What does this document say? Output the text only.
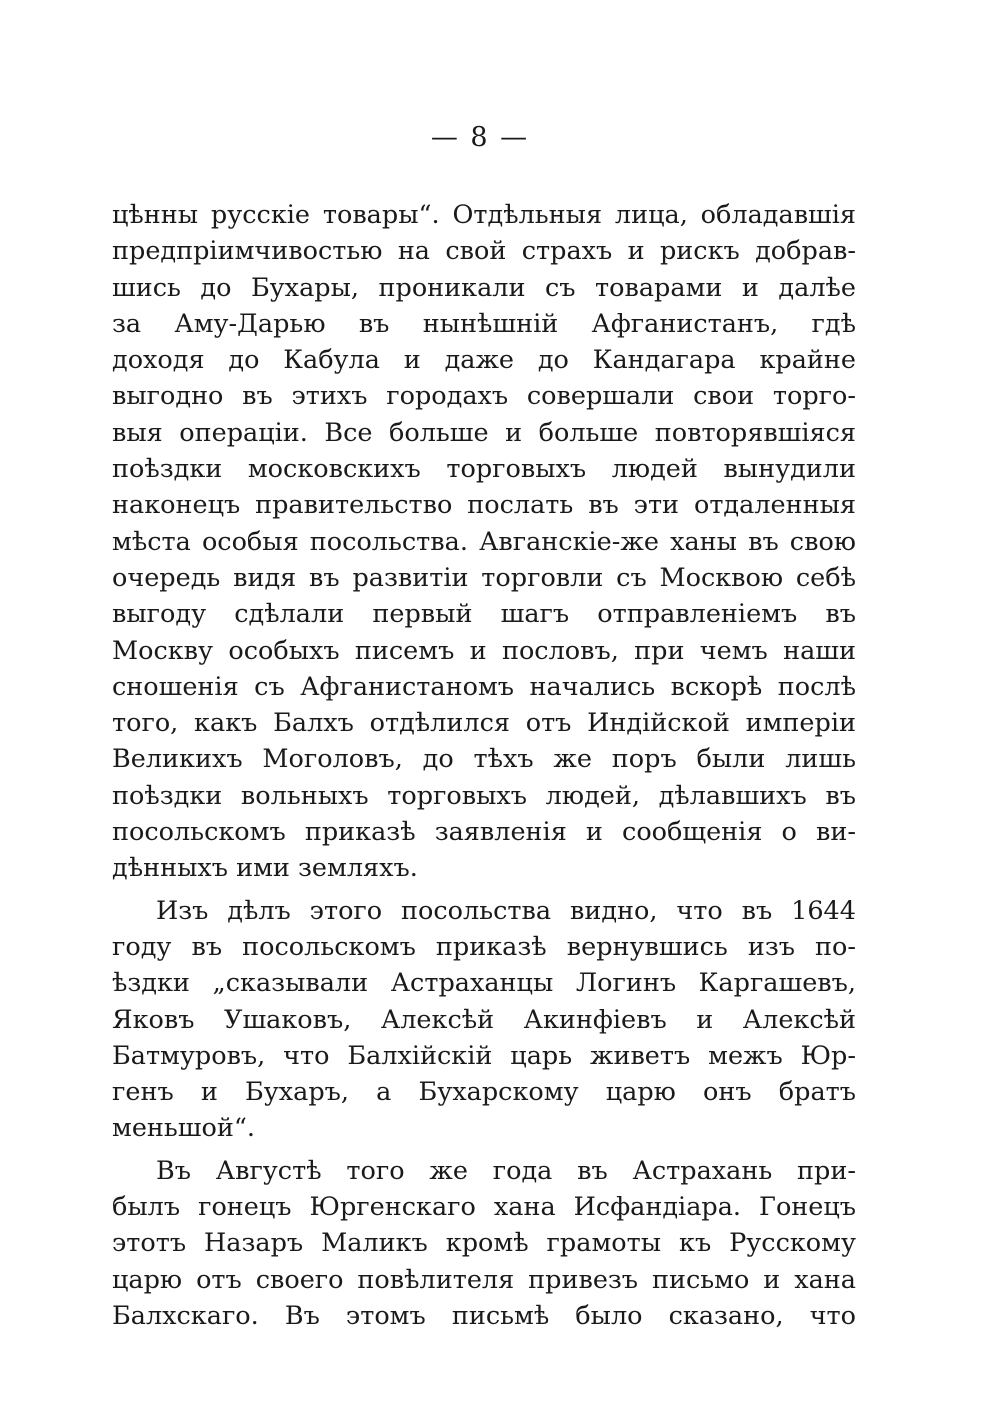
— 8 —
цѣнны русскіе товары“. Отдѣльныя лица, обладавшія
предпріимчивостью на свой страхъ и рискъ добрав-
шись до Бухары, проникали съ товарами и далѣе
за Аму-Дарью въ нынѣшній Афганистанъ, гдѣ
доходя до Кабула и даже до Кандагара крайне
выгодно въ этихъ городахъ совершали свои торго-
выя операціи. Все больше и больше повторявшіяся
поѣздки московскихъ торговыхъ людей вынудили
наконецъ правительство послать въ эти отдаленныя
мѣста особыя посольства. Авганскіе-же ханы въ свою
очередь видя въ развитіи торговли съ Москвою себѣ
выгоду сдѣлали первый шагъ отправленіемъ въ
Москву особыхъ писемъ и пословъ, при чемъ наши
сношенія съ Афганистаномъ начались вскорѣ послѣ
того, какъ Балхъ отдѣлился отъ Индійской имперіи
Великихъ Моголовъ, до тѣхъ же поръ были лишь
поѣздки вольныхъ торговыхъ людей, дѣлавшихъ въ
посольскомъ приказѣ заявленія и сообщенія о ви-
дѣнныхъ ими земляхъ.
Изъ дѣлъ этого посольства видно, что въ 1644
году въ посольскомъ приказѣ вернувшись изъ по-
ѣздки „сказывали Астраханцы Логинъ Каргашевъ,
Яковъ Ушаковъ, Алексѣй Акинфіевъ и Алексѣй
Батмуровъ, что Балхійскій царь живетъ межъ Юр-
генъ и Бухаръ, а Бухарскому царю онъ братъ
меньшой“.
Въ Августѣ того же года въ Астрахань при-
былъ гонецъ Юргенскаго хана Исфандіара. Гонецъ
этотъ Назаръ Маликъ кромѣ грамоты къ Русскому
царю отъ своего повѣлителя привезъ письмо и хана
Балхскаго. Въ этомъ письмѣ было сказано, что
